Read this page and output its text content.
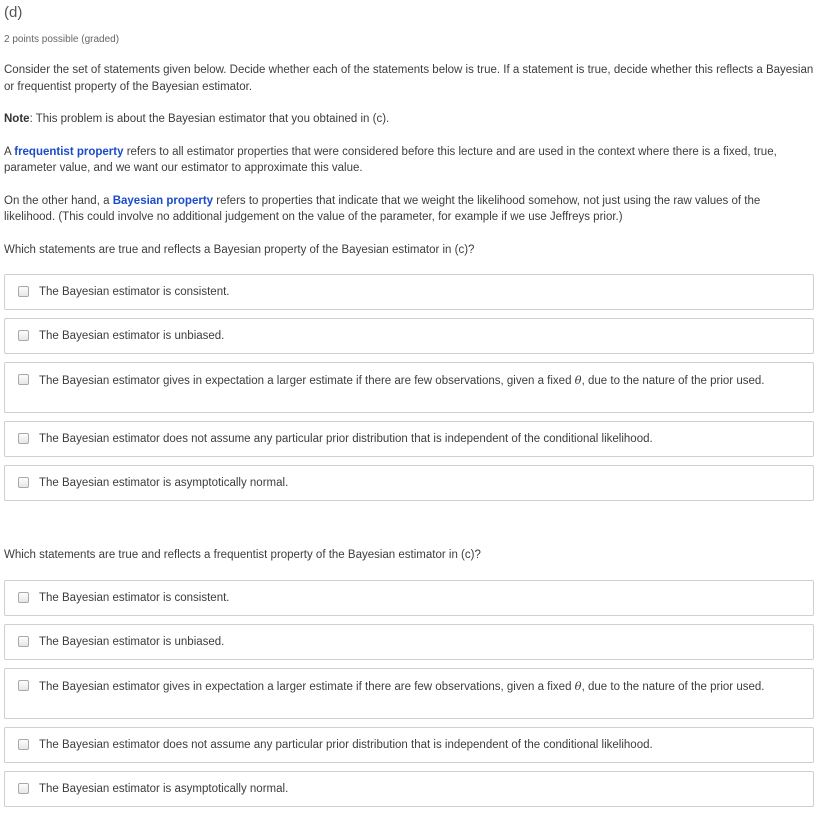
(d)
2 points possible (graded)

Consider the set of statements given below. Decide whether each of the statements below is true. If a statement is true, decide whether this reflects a Bayesian or frequentist property of the Bayesian estimator.

Note: This problem is about the Bayesian estimator that you obtained in (c).

A frequentist property refers to all estimator properties that were considered before this lecture and are used in the context where there is a fixed, true, parameter value, and we want our estimator to approximate this value.

On the other hand, a Bayesian property refers to properties that indicate that we weight the likelihood somehow, not just using the raw values of the likelihood. (This could involve no additional judgement on the value of the parameter, for example if we use Jeffreys prior.)

Which statements are true and reflects a Bayesian property of the Bayesian estimator in (c)?

The Bayesian estimator is consistent.
The Bayesian estimator is unbiased.
The Bayesian estimator gives in expectation a larger estimate if there are few observations, given a fixed θ, due to the nature of the prior used.
The Bayesian estimator does not assume any particular prior distribution that is independent of the conditional likelihood.
The Bayesian estimator is asymptotically normal.

Which statements are true and reflects a frequentist property of the Bayesian estimator in (c)?

The Bayesian estimator is consistent.
The Bayesian estimator is unbiased.
The Bayesian estimator gives in expectation a larger estimate if there are few observations, given a fixed θ, due to the nature of the prior used.
The Bayesian estimator does not assume any particular prior distribution that is independent of the conditional likelihood.
The Bayesian estimator is asymptotically normal.
